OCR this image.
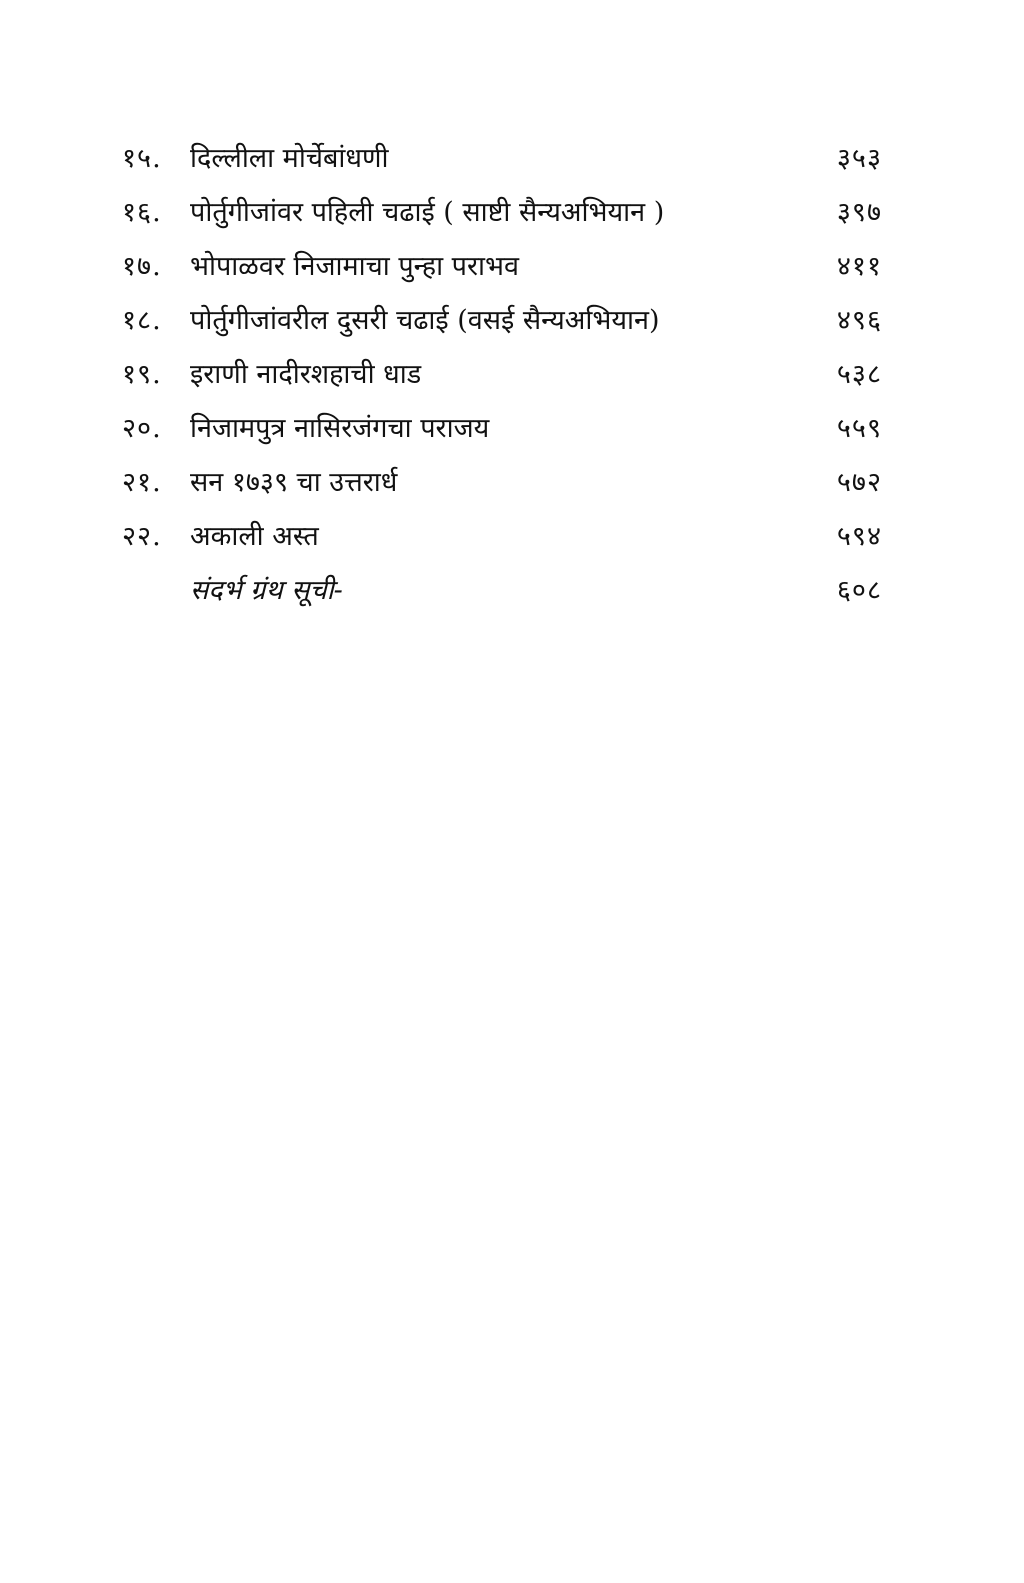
१५.	दिल्लीला मोर्चेबांधणी	३५३
१६.	पोर्तुगीजांवर पहिली चढाई ( साष्टी सैन्यअभियान )	३९७
१७.	भोपाळवर निजामाचा पुन्हा पराभव	४११
१८.	पोर्तुगीजांवरील दुसरी चढाई (वसई सैन्यअभियान)	४९६
१९.	इराणी नादीरशहाची धाड	५३८
२०.	निजामपुत्र नासिरजंगचा पराजय	५५९
२१.	सन १७३९ चा उत्तरार्ध	५७२
२२.	अकाली अस्त	५९४
संदर्भ ग्रंथ सूची-	६०८
